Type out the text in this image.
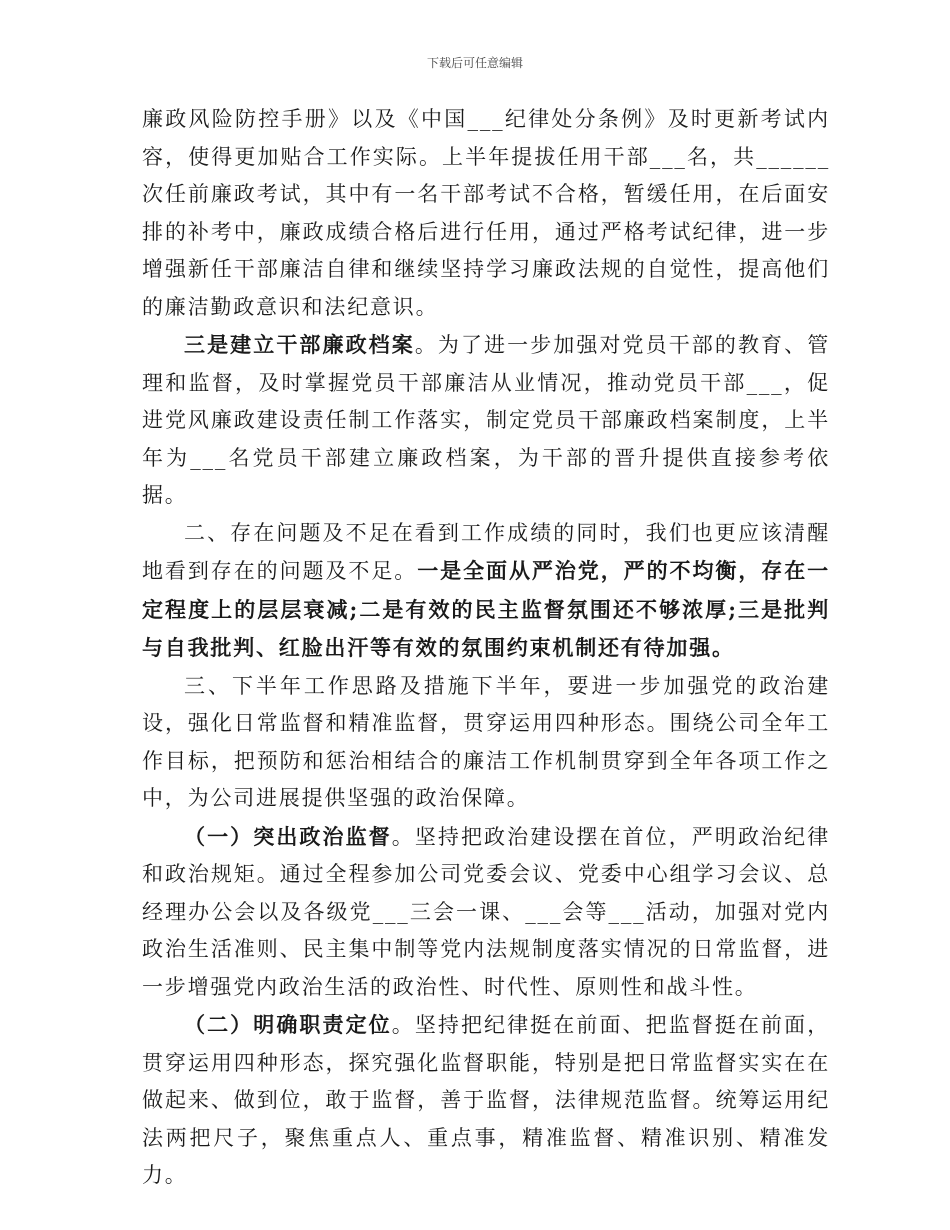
下载后可任意编辑

廉政风险防控手册》以及《中国___纪律处分条例》及时更新考试内容，使得更加贴合工作实际。上半年提拔任用干部___名，共______次任前廉政考试，其中有一名干部考试不合格，暂缓任用，在后面安排的补考中，廉政成绩合格后进行任用，通过严格考试纪律，进一步增强新任干部廉洁自律和继续坚持学习廉政法规的自觉性，提高他们的廉洁勤政意识和法纪意识。

三是建立干部廉政档案。为了进一步加强对党员干部的教育、管理和监督，及时掌握党员干部廉洁从业情况，推动党员干部___，促进党风廉政建设责任制工作落实，制定党员干部廉政档案制度，上半年为___名党员干部建立廉政档案，为干部的晋升提供直接参考依据。

二、存在问题及不足在看到工作成绩的同时，我们也更应该清醒地看到存在的问题及不足。一是全面从严治党，严的不均衡，存在一定程度上的层层衰减;二是有效的民主监督氛围还不够浓厚;三是批判与自我批判、红脸出汗等有效的氛围约束机制还有待加强。

三、下半年工作思路及措施下半年，要进一步加强党的政治建设，强化日常监督和精准监督，贯穿运用四种形态。围绕公司全年工作目标，把预防和惩治相结合的廉洁工作机制贯穿到全年各项工作之中，为公司进展提供坚强的政治保障。

（一）突出政治监督。坚持把政治建设摆在首位，严明政治纪律和政治规矩。通过全程参加公司党委会议、党委中心组学习会议、总经理办公会以及各级党___三会一课、___会等___活动，加强对党内政治生活准则、民主集中制等党内法规制度落实情况的日常监督，进一步增强党内政治生活的政治性、时代性、原则性和战斗性。

（二）明确职责定位。坚持把纪律挺在前面、把监督挺在前面，贯穿运用四种形态，探究强化监督职能，特别是把日常监督实实在在做起来、做到位，敢于监督，善于监督，法律规范监督。统筹运用纪法两把尺子，聚焦重点人、重点事，精准监督、精准识别、精准发力。
